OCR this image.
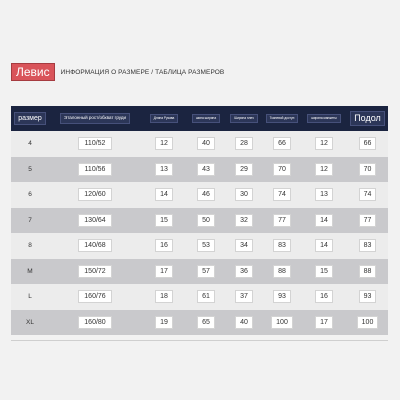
Левис	ИНФОРМАЦИЯ О РАЗМЕРЕ / ТАБЛИЦА РАЗМЕРОВ
размер	Эталонный рост/обхват груди	Длина Рукава	шина ширина	Ширина плеч	Тканевой доступ	ширина манжеты	Подол
4	110/52	12	40	28	66	12	66
5	110/56	13	43	29	70	12	70
6	120/60	14	46	30	74	13	74
7	130/64	15	50	32	77	14	77
8	140/68	16	53	34	83	14	83
M	150/72	17	57	36	88	15	88
L	160/76	18	61	37	93	16	93
XL	160/80	19	65	40	100	17	100
